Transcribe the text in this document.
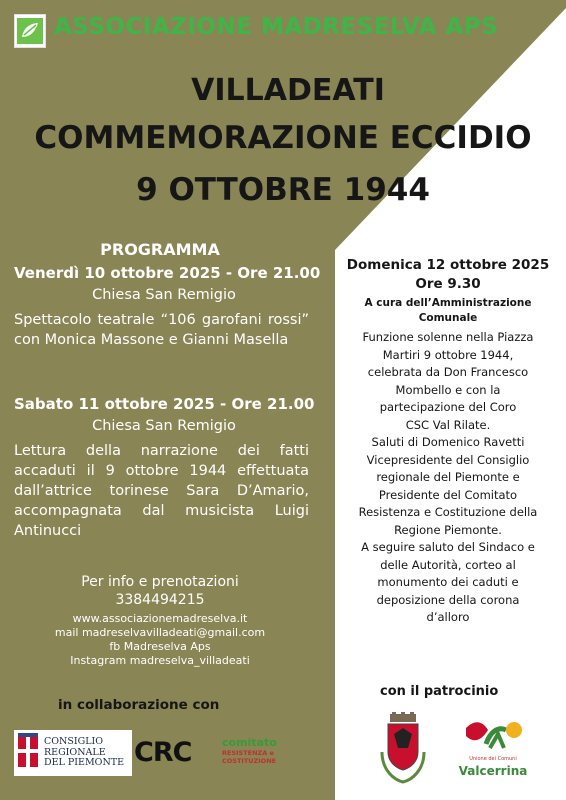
ASSOCIAZIONE MADRESELVA APS
VILLADEATI
COMMEMORAZIONE ECCIDIO
9 OTTOBRE 1944
PROGRAMMA
Venerdì 10 ottobre 2025 - Ore 21.00
Chiesa San Remigio
Spettacolo teatrale “106 garofani rossi” con Monica Massone e Gianni Masella
Sabato 11 ottobre 2025 - Ore 21.00
Chiesa San Remigio
Lettura della narrazione dei fatti accaduti il 9 ottobre 1944 effettuata dall’attrice torinese Sara D’Amario, accompagnata dal musicista Luigi Antinucci
Per info e prenotazioni
3384494215
www.associazionemadreselva.it
mail madreselvavilladeati@gmail.com
fb Madreselva Aps
Instagram madreselva_villadeati
in collaborazione con
CONSIGLIO
REGIONALE
DEL PIEMONTE CRC	comitato
RESISTENZA e
COSTITUZIONE
Domenica 12 ottobre 2025
Ore 9.30
A cura dell’Amministrazione Comunale
Funzione solenne nella Piazza
Martiri 9 ottobre 1944,
celebrata da Don Francesco
Mombello e con la
partecipazione del Coro
CSC Val Rilate.
Saluti di Domenico Ravetti
Vicepresidente del Consiglio
regionale del Piemonte e
Presidente del Comitato
Resistenza e Costituzione della
Regione Piemonte.
A seguire saluto del Sindaco e
delle Autorità, corteo al
monumento dei caduti e
deposizione della corona
d’alloro
con il patrocinio
Unione dei Comuni
Valcerrina
